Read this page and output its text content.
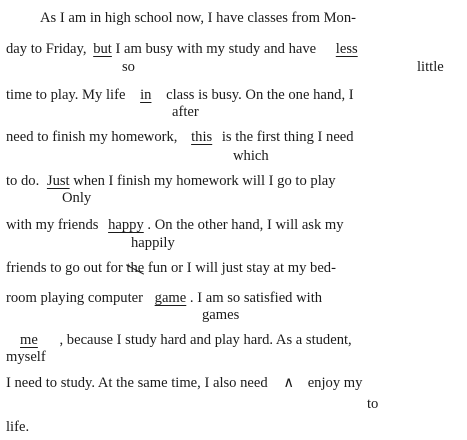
As I am in high school now, I have classes from Mon-
day to Friday, but I am busy with my study and have less
so	little
time to play. My life in class is busy. On the one hand, I
after
need to finish my homework, this is the first thing I need
which
to do. Just when I finish my homework will I go to play
Only
with my friends happy . On the other hand, I will ask my
happily
friends to go out for the fun or I will just stay at my bed-
room playing computer game . I am so satisfied with
games
me , because I study hard and play hard. As a student,
myself
I need to study. At the same time, I also need ∧ enjoy my
to
life.
